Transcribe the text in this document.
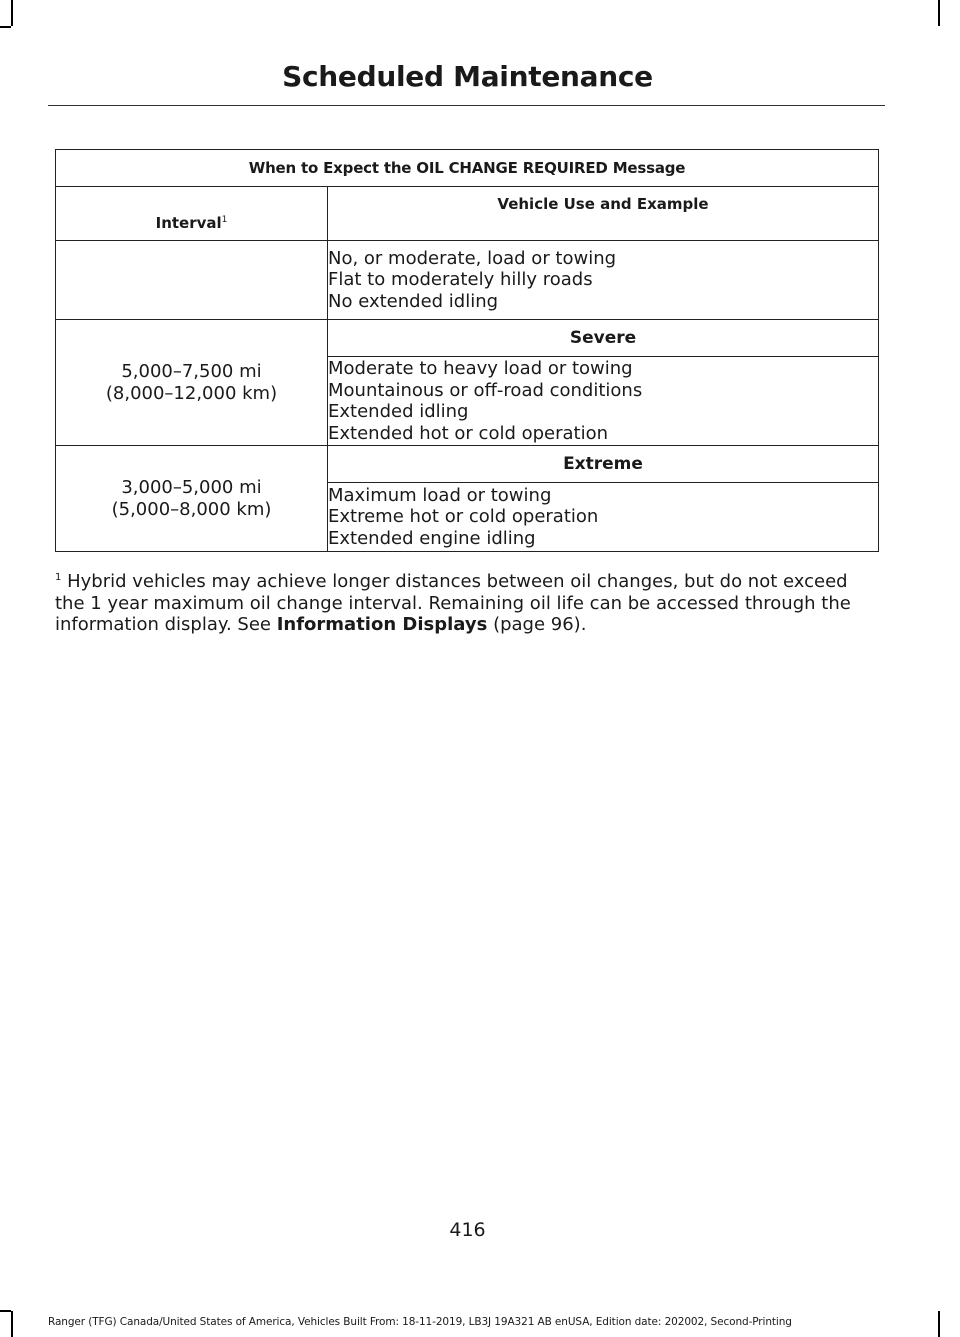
Scheduled Maintenance
When to Expect the OIL CHANGE REQUIRED Message	
Interval$^1$	Vehicle Use and Example

	No, or moderate, load or towing
Flat to moderately hilly roads
No extended idling

5,000–7,500 mi
(8,000–12,000 km)	Severe

	Moderate to heavy load or towing
Mountainous or off-road conditions
Extended idling
Extended hot or cold operation

3,000–5,000 mi
(5,000–8,000 km)	Extreme

	Maximum load or towing
Extreme hot or cold operation
Extended engine idling
$^1$ Hybrid vehicles may achieve longer distances between oil changes, but do not exceed the 1 year maximum oil change interval. Remaining oil life can be accessed through the information display. See Information Displays (page 96).
416
Ranger (TFG) Canada/United States of America, Vehicles Built From: 18-11-2019, LB3J 19A321 AB enUSA, Edition date: 202002, Second-Printing
